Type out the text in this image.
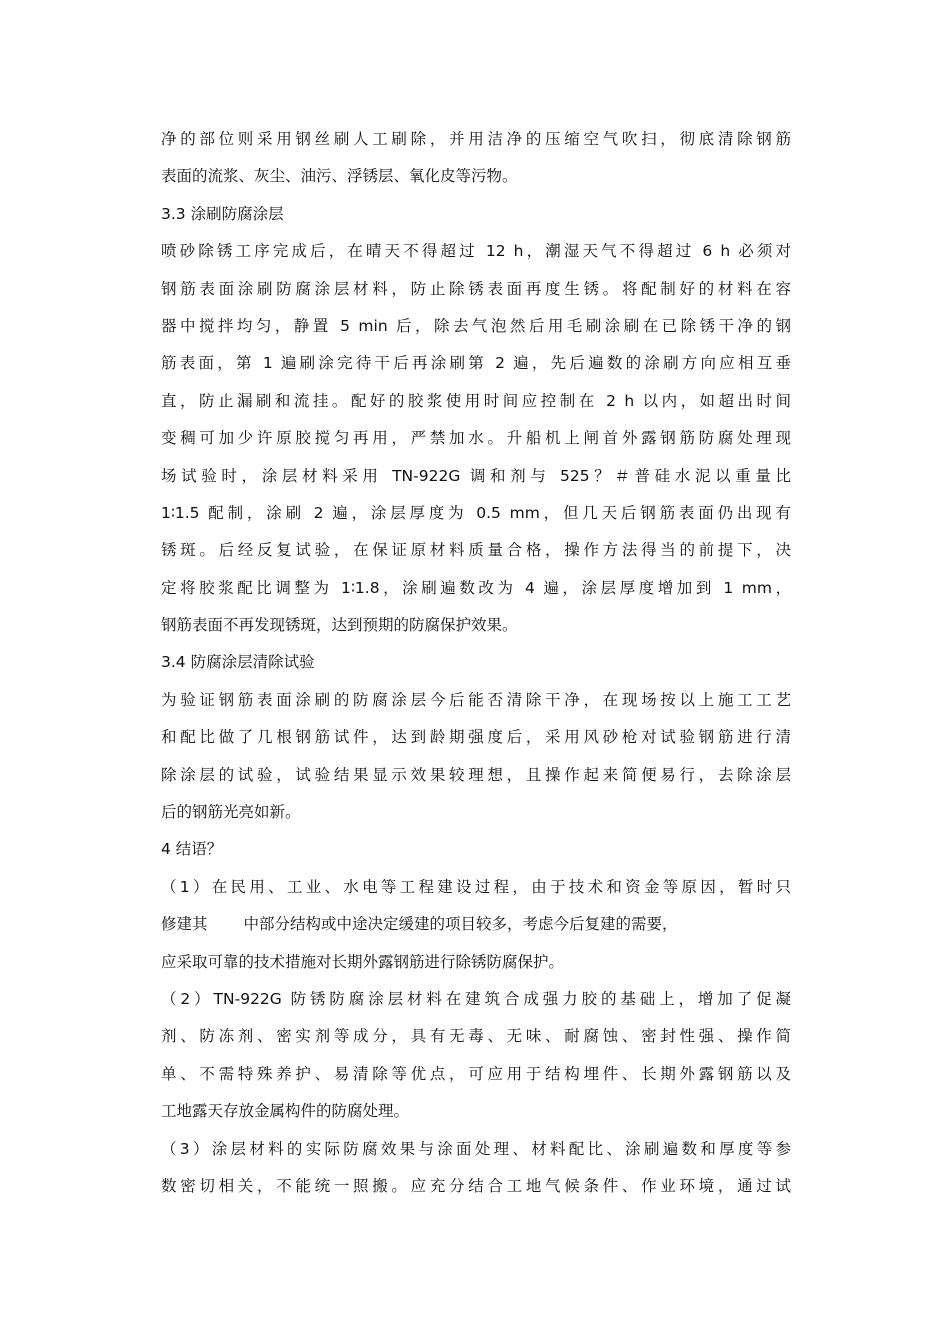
净的部位则采用钢丝刷人工刷除，并用洁净的压缩空气吹扫，彻底清除钢筋
表面的流浆、灰尘、油污、浮锈层、氧化皮等污物。
3.3 涂刷防腐涂层
喷砂除锈工序完成后，在晴天不得超过 12 h，潮湿天气不得超过 6 h 必须对
钢筋表面涂刷防腐涂层材料，防止除锈表面再度生锈。将配制好的材料在容
器中搅拌均匀，静置 5 min 后，除去气泡然后用毛刷涂刷在已除锈干净的钢
筋表面，第 1 遍刷涂完待干后再涂刷第 2 遍，先后遍数的涂刷方向应相互垂
直，防止漏刷和流挂。配好的胶浆使用时间应控制在 2 h 以内，如超出时间
变稠可加少许原胶搅匀再用，严禁加水。升船机上闸首外露钢筋防腐处理现
场试验时，涂层材料采用 TN-922G 调和剂与 525？＃普硅水泥以重量比
1∶1.5 配制，涂刷 2 遍，涂层厚度为 0.5 mm，但几天后钢筋表面仍出现有
锈斑。后经反复试验，在保证原材料质量合格，操作方法得当的前提下，决
定将胶浆配比调整为 1∶1.8，涂刷遍数改为 4 遍，涂层厚度增加到 1 mm，
钢筋表面不再发现锈斑，达到预期的防腐保护效果。
3.4 防腐涂层清除试验
为验证钢筋表面涂刷的防腐涂层今后能否清除干净，在现场按以上施工工艺
和配比做了几根钢筋试件，达到龄期强度后，采用风砂枪对试验钢筋进行清
除涂层的试验，试验结果显示效果较理想，且操作起来简便易行，去除涂层
后的钢筋光亮如新。
4 结语？
（1）在民用、工业、水电等工程建设过程，由于技术和资金等原因，暂时只
修建其 中部分结构或中途决定缓建的项目较多，考虑今后复建的需要，
应采取可靠的技术措施对长期外露钢筋进行除锈防腐保护。
（2）TN-922G 防锈防腐涂层材料在建筑合成强力胶的基础上，增加了促凝
剂、防冻剂、密实剂等成分，具有无毒、无味、耐腐蚀、密封性强、操作简
单、不需特殊养护、易清除等优点，可应用于结构埋件、长期外露钢筋以及
工地露天存放金属构件的防腐处理。
（3）涂层材料的实际防腐效果与涂面处理、材料配比、涂刷遍数和厚度等参
数密切相关，不能统一照搬。应充分结合工地气候条件、作业环境，通过试
